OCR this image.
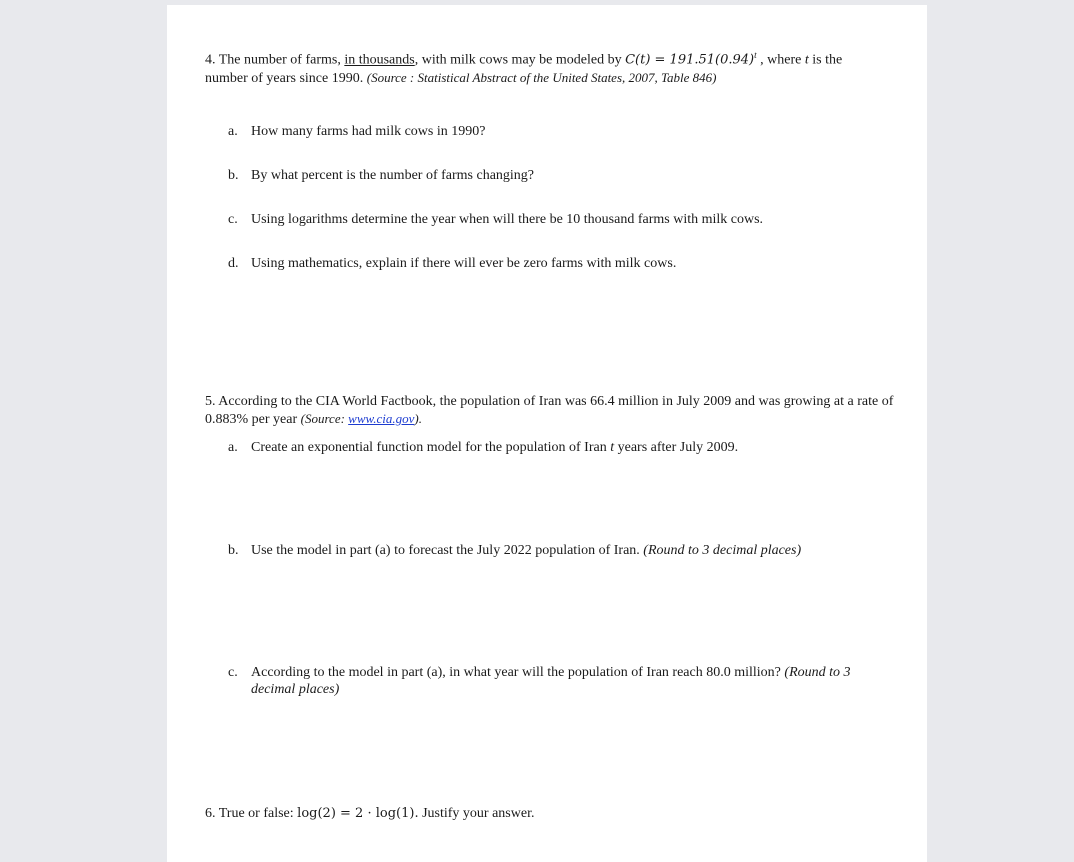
4. The number of farms, in thousands, with milk cows may be modeled by $C(t) = 191.51(0.94)^t$ , where t is the
number of years since 1990. (Source : Statistical Abstract of the United States, 2007, Table 846)
a. How many farms had milk cows in 1990?
b. By what percent is the number of farms changing?
c. Using logarithms determine the year when will there be 10 thousand farms with milk cows.
d. Using mathematics, explain if there will ever be zero farms with milk cows.
5. According to the CIA World Factbook, the population of Iran was 66.4 million in July 2009 and was growing at a rate of 0.883% per year (Source: www.cia.gov).
a. Create an exponential function model for the population of Iran t years after July 2009.
b. Use the model in part (a) to forecast the July 2022 population of Iran. (Round to 3 decimal places)
c. According to the model in part (a), in what year will the population of Iran reach 80.0 million? (Round to 3 decimal places)
6. True or false: log(2) = 2 · log(1). Justify your answer.
